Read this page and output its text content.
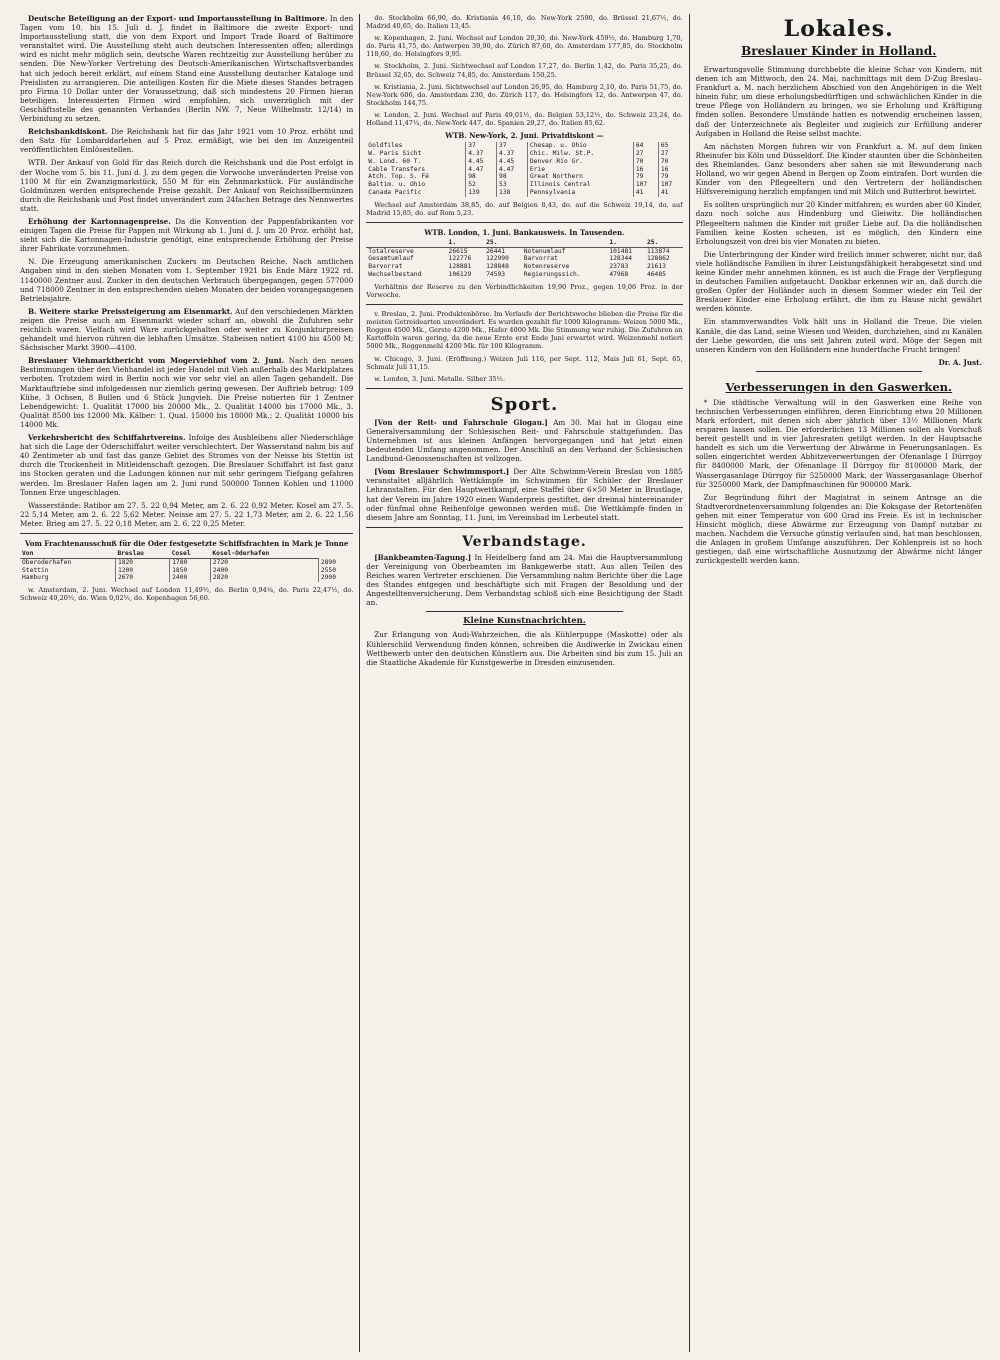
Deutsche Beteiligung an der Export- und Importausstellung in Baltimore. In den Tagen vom 10. bis 15. Juli d. J. findet in Baltimore die zweite Export- und Importausstellung statt, die von dem Export und Import Trade Board of Baltimore veranstaltet wird. Die Ausstellung steht auch deutschen Interessenten offen; allerdings wird es nicht mehr möglich sein, deutsche Waren rechtzeitig zur Ausstellung herüber zu senden. Die New-Yorker Vertretung des Deutsch-Amerikanischen Wirtschaftsverbandes hat sich jedoch bereit erklärt, auf einem Stand eine Ausstellung deutscher Kataloge und Preislisten zu arrangieren. Die anteiligen Kosten für die Miete dieses Standes betragen pro Firma 10 Dollar unter der Voraussetzung, daß sich mindestens 20 Firmen hieran beteiligen. Interessierten Firmen wird empfohlen, sich unverzüglich mit der Geschäftsstelle des genannten Verbandes (Berlin NW. 7, Neue Wilhelmstr. 12/14) in Verbindung zu setzen.

Reichsbankdiskont. Die Reichsbank hat für das Jahr 1921 vom 10 Proz. erhöht und den Satz für Lombarddarlehen auf 5 Proz. ermäßigt, wie bei den im Anzeigenteil veröffentlichten Einlösestellen.

WTB. Der Ankauf von Gold für das Reich durch die Reichsbank und die Post erfolgt in der Woche vom 5. bis 11. Juni d. J. zu dem gegen die Vorwoche unveränderten Preise von 1100 M für ein Zwanzigmarkstück, 550 M für ein Zehnmarkstück. Für ausländische Goldmünzen werden entsprechende Preise gezahlt. Der Ankauf von Reichssilbermünzen durch die Reichsbank und Post findet unverändert zum 24fachen Betrage des Nennwertes statt.

Erhöhung der Kartonnagenpreise. Da die Konvention der Pappenfabrikanten vor einigen Tagen die Preise für Pappen mit Wirkung ab 1. Juni d. J. um 20 Proz. erhöht hat, sieht sich die Kartonnagen-Industrie genötigt, eine entsprechende Erhöhung der Preise ihrer Fabrikate vorzunehmen.

N. Die Erzeugung amerikanischen Zuckers im Deutschen Reiche. Nach amtlichen Angaben sind in den sieben Monaten vom 1. September 1921 bis Ende März 1922 rd. 1140000 Zentner ausl. Zucker in den deutschen Verbrauch übergegangen, gegen 577000 und 718000 Zentner in den entsprechenden sieben Monaten der beiden vorangegangenen Betriebsjahre.

B. Weitere starke Preissteigerung am Eisenmarkt. Auf den verschiedenen Märkten zeigen die Preise auch am Eisenmarkt wieder scharf an, obwohl die Zufuhren sehr reichlich waren. Vielfach wird Ware zurückgehalten oder weiter zu Konjunkturpreisen gehandelt und hiervon rühren die lebhaften Umsätze. Stabeisen notiert 4100 bis 4500 M; Sächsischer Markt 3900—4100.

Breslauer Viehmarktbericht vom Mogerviehhof vom 2. Juni. Nach den neuen Bestimmungen über den Viehhandel ist jeder Handel mit Vieh außerhalb des Marktplatzes verboten. Trotzdem wird in Berlin noch wie vor sehr viel an allen Tagen gehandelt. Die Marktauftriebe sind infolgedessen nur ziemlich gering gewesen. Der Auftrieb betrug: 109 Kühe, 3 Ochsen, 8 Bullen und 6 Stück Jungvieh. Die Preise notierten für 1 Zentner Lebendgewicht: 1. Qualität 17000 bis 20000 Mk., 2. Qualität 14000 bis 17000 Mk., 3. Qualität 8500 bis 12000 Mk. Kälber: 1. Qual. 15000 bis 18000 Mk.; 2. Qualität 10000 bis 14000 Mk.

Verkehrsbericht des Schiffahrtvereins. Infolge des Ausbleibens aller Niederschläge hat sich die Lage der Oderschiffahrt weiter verschlechtert. Der Wasserstand nahm bis auf 40 Zentimeter ab und fast das ganze Gebiet des Stromes von der Neisse bis Stettin ist durch die Trockenheit in Mitleidenschaft gezogen. Die Breslauer Schiffahrt ist fast ganz ins Stocken geraten und die Ladungen können nur mit sehr geringem Tiefgang gefahren werden. Im Breslauer Hafen lagen am 2. Juni rund 500000 Tonnen Kohlen und 11000 Tonnen Erze ungeschlagen.

Wasserstände: Ratibor am 27. 5. 22 0,94 Meter, am 2. 6. 22 0,92 Meter. Kosel am 27. 5. 22 5,14 Meter, am 2. 6. 22 5,62 Meter. Neisse am 27. 5. 22 1,73 Meter, am 2. 6. 22 1,56 Meter. Brieg am 27. 5. 22 0,18 Meter, am 2. 6. 22 0,25 Meter.

Vom Frachtenausschuß für die Oder festgesetzte Schiffsfrachten in Mark je Tonne
Von	Breslau	Cosel	Kosel-Oderhafen	
Oberoderhafen	1820	1780	2720	2890
Stettin	1200	1850	2400	2550
Hamburg	2670	2400	2820	2900

w. Amsterdam, 2. Juni. Wechsel auf London 11,49½, do. Berlin 0,94¼, do. Paris 22,47½, do. Schweiz 49,20½, do. Wien 0,02½, do. Kopenhagen 56,60.

do. Stockholm 66,90, do. Kristiania 46,10, do. New-York 2590, do. Brüssel 21,67½, do. Madrid 40,65, do. Italien 13,45.

w. Kopenhagen, 2. Juni. Wechsel auf London 20,30, do. New-York 459½, do. Hamburg 1,70, do. Paris 41,75, do. Antwerpen 39,90, do. Zürich 87,60, do. Amsterdam 177,85, do. Stockholm 118,60, do. Helsingfors 9,95.

w. Stockholm, 2. Juni. Sichtwechsel auf London 17,27, do. Berlin 1,42, do. Paris 35,25, do. Brüssel 32,65, do. Schweiz 74,85, do. Amsterdam 150,25.

w. Kristiania, 2. Juni. Sichtwechsel auf London 26,95, do. Hamburg 2,10, do. Paris 51,75, do. New-York 606, do. Amsterdam 230, do. Zürich 117, do. Helsingfors 12, do. Antwerpen 47, do. Stockholm 144,75.

w. London, 2. Juni. Wechsel auf Paris 49,01½, do. Belgien 53,12½, do. Schweiz 23,24, do. Holland 11,47¼, do. New-York 447, do. Spanien 29,27, do. Italien 85,62.

WTB. New-York, 2. Juni. Privatdiskont —
Goldfiles	37	37	Chesap. u. Ohio	64	65
W. Paris Sicht	4.37	4.37	Chic. Milw. St.P.	27	27
W. Lond. 60 T.	4.45	4.45	Denver Rio Gr.	70	70
Cable Transfers	4.47	4.47	Erie	16	16
Atch. Top. S. Fé	98	98	Great Northern	79	79
Baltim. u. Ohio	52	53	Illinois Central	107	107
Canada Pacific	139	138	Pennsylvania	41	41

Wechsel auf Amsterdam 38,85, do. auf Belgien 8,43, do. auf die Schweiz 19,14, do. auf Madrid 15,85, do. auf Rom 5,23.

WTB. London, 1. Juni. Bankausweis. In Tausenden.
	1.	25.		1.	25.
Totalreserve	26615	26441	Notenumlauf	101481	113874
Gesamtumlauf	122776	122990	Barvorrat	128344	128862
Barvorrat	128881	128848	Notenreserve	23783	21613
Wechselbestand	106129	74593	Regierungssich.	47968	46485

Verhältnis der Reserve zu den Verbindlichkeiten 19,90 Proz., gegen 19,06 Proz. in der Vorwoche.

v. Breslau, 2. Juni. Produktenbörse. Im Verlaufe der Berichtswoche blieben die Preise für die meisten Getreidearten unverändert. Es wurden gezahlt für 1000 Kilogramm: Weizen 5000 Mk., Roggen 4500 Mk., Gerste 4200 Mk., Hafer 4000 Mk. Die Stimmung war ruhig. Die Zufuhren an Kartoffeln waren gering, da die neue Ernte erst Ende Juni erwartet wird. Weizenmehl notiert 5000 Mk., Roggenmehl 4200 Mk. für 100 Kilogramm.

w. Chicago, 3. Juni. (Eröffnung.) Weizen Juli 116, per Sept. 112, Mais Juli 61, Sept. 65, Schmalz Juli 11,15.

w. London, 3. Juni. Metalle. Silber 35½.

Sport.

[Von der Reit- und Fahrschule Glogau.] Am 30. Mai hat in Glogau eine Generalversammlung der Schlesischen Reit- und Fahrschule stattgefunden. Das Unternehmen ist aus kleinen Anfängen hervorgegangen und hat jetzt einen bedeutenden Umfang angenommen. Der Anschluß an den Verband der Schlesischen Landbund-Genossenschaften ist vollzogen.

[Vom Breslauer Schwimmsport.] Der Alte Schwimm-Verein Breslau von 1885 veranstaltet alljährlich Wettkämpfe im Schwimmen für Schüler der Breslauer Lehranstalten. Für den Hauptwettkampf, eine Staffel über 6×50 Meter in Brustlage, hat der Verein im Jahre 1920 einen Wanderpreis gestiftet, der dreimal hintereinander oder fünfmal ohne Reihenfolge gewonnen werden muß. Die Wettkämpfe finden in diesem Jahre am Sonntag, 11. Juni, im Vereinsbad im Lerbeutel statt.

Verbandstage.

[Bankbeamten-Tagung.] In Heidelberg fand am 24. Mai die Hauptversammlung der Vereinigung von Oberbeamten im Bankgewerbe statt. Aus allen Teilen des Reiches waren Vertreter erschienen. Die Versammlung nahm Berichte über die Lage des Standes entgegen und beschäftigte sich mit Fragen der Besoldung und der Angestelltenversicherung. Dem Verbandstag schloß sich eine Besichtigung der Stadt an.

Kleine Kunstnachrichten.

Zur Erlangung von Audi-Wahrzeichen, die als Kühlerpuppe (Maskotte) oder als Kühlerschild Verwendung finden können, schreiben die Audiwerke in Zwickau einen Wettbewerb unter den deutschen Künstlern aus. Die Arbeiten sind bis zum 15. Juli an die Staatliche Akademie für Kunstgewerbe in Dresden einzusenden.

Lokales.
Breslauer Kinder in Holland.

Erwartungsvolle Stimmung durchbebte die kleine Schar von Kindern, mit denen ich am Mittwoch, den 24. Mai, nachmittags mit dem D-Zug Breslau–Frankfurt a. M. nach herzlichem Abschied von den Angehörigen in die Welt hinein fuhr, um diese erholungsbedürftigen und schwächlichen Kinder in die treue Pflege von Holländern zu bringen, wo sie Erholung und Kräftigung finden sollen. Besondere Umstände hatten es notwendig erscheinen lassen, daß der Unterzeichnete als Begleiter und zugleich zur Erfüllung anderer Aufgaben in Holland die Reise selbst machte.

Am nächsten Morgen fuhren wir von Frankfurt a. M. auf dem linken Rheinufer bis Köln und Düsseldorf. Die Kinder staunten über die Schönheiten des Rheinlandes. Ganz besonders aber sahen sie mit Bewunderung nach Holland, wo wir gegen Abend in Bergen op Zoom eintrafen. Dort wurden die Kinder von den Pflegeeltern und den Vertretern der holländischen Hilfsvereinigung herzlich empfangen und mit Milch und Butterbrot bewirtet.

Es sollten ursprünglich nur 20 Kinder mitfahren; es wurden aber 60 Kinder, dazu noch solche aus Hindenburg und Gleiwitz. Die holländischen Pflegeeltern nahmen die Kinder mit großer Liebe auf. Da die holländischen Familien keine Kosten scheuen, ist es möglich, den Kindern eine Erholungszeit von drei bis vier Monaten zu bieten.

Die Unterbringung der Kinder wird freilich immer schwerer, nicht nur, daß viele holländische Familien in ihrer Leistungsfähigkeit herabgesetzt sind und keine Kinder mehr annehmen können, es ist auch die Frage der Verpflegung in deutschen Familien aufgetaucht. Dankbar erkennen wir an, daß durch die großen Opfer der Holländer auch in diesem Sommer wieder ein Teil der Breslauer Kinder eine Erholung erfährt, die ihm zu Hause nicht gewährt werden könnte.

Ein stammverwandtes Volk hält uns in Holland die Treue. Die vielen Kanäle, die das Land, seine Wiesen und Weiden, durchziehen, sind zu Kanälen der Liebe geworden, die uns seit Jahren zuteil wird. Möge der Segen mit unseren Kindern von den Holländern eine hundertfache Frucht bringen!

Dr. A. Just.
Verbesserungen in den Gaswerken.

* Die städtische Verwaltung will in den Gaswerken eine Reihe von technischen Verbesserungen einführen, deren Einrichtung etwa 20 Millionen Mark erfordert, mit denen sich aber jährlich über 13½ Millionen Mark ersparen lassen sollen. Die erforderlichen 13 Millionen sollen als Vorschuß bereit gestellt und in vier Jahresraten getilgt werden. In der Hauptsache handelt es sich um die Verwertung der Abwärme in Feuerungsanlagen. Es sollen eingerichtet werden Abhitzeverwertungen der Ofenanlage I Dürrgoy für 8400000 Mark, der Ofenanlage II Dürrgoy für 8100000 Mark, der Wassergasanlage Dürrgoy für 5250000 Mark, der Wassergasanlage Oberhof für 3250000 Mark, der Dampfmaschinen für 900000 Mark.

Zur Begründung führt der Magistrat in seinem Antrage an die Stadtverordnetenversammlung folgendes an: Die Koksgase der Retortenöfen gehen mit einer Temperatur von 600 Grad ins Freie. Es ist in technischer Hinsicht möglich, diese Abwärme zur Erzeugung von Dampf nutzbar zu machen. Nachdem die Versuche günstig verlaufen sind, hat man beschlossen, die Anlagen in großem Umfange auszuführen. Der Kohlenpreis ist so hoch gestiegen, daß eine wirtschaftliche Ausnutzung der Abwärme nicht länger zurückgestellt werden kann.
